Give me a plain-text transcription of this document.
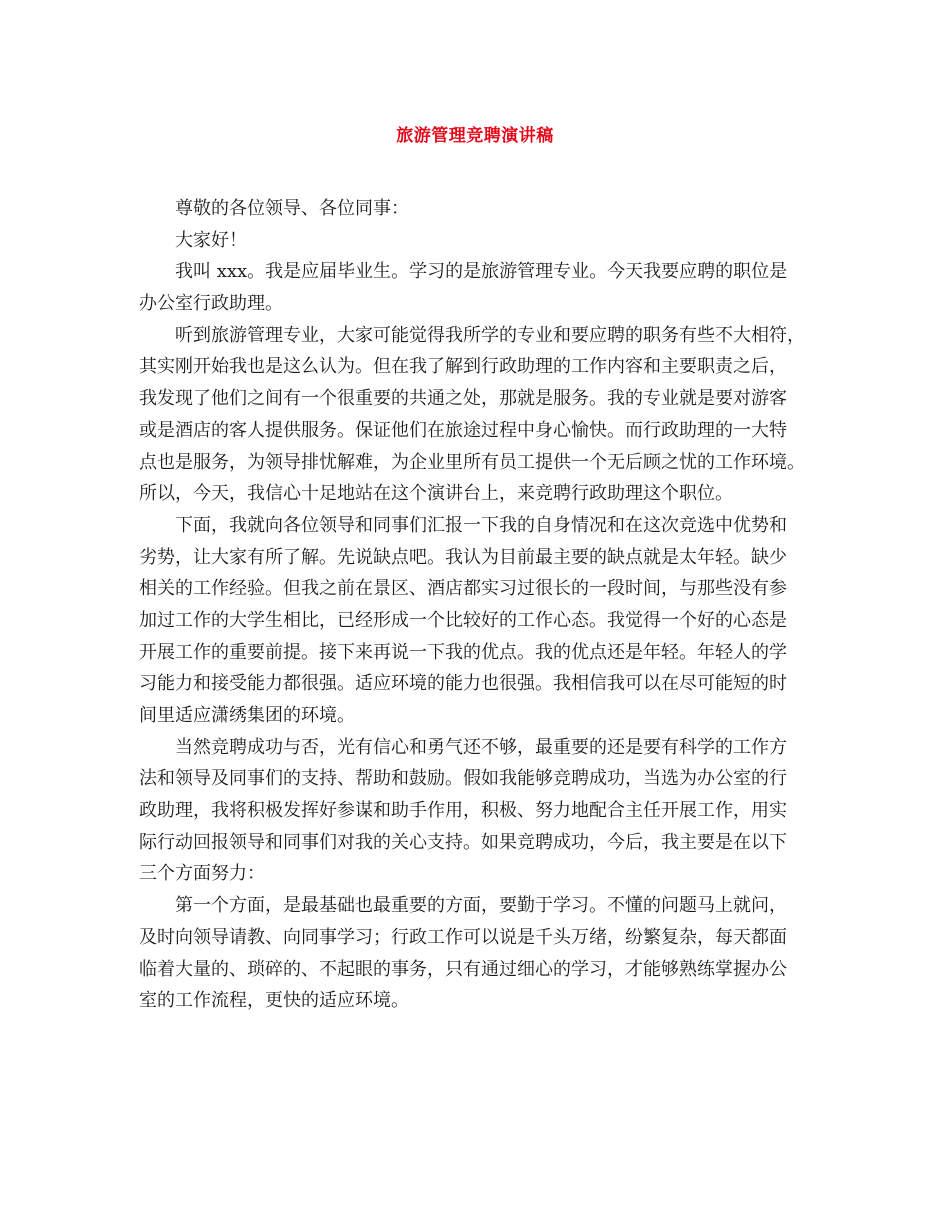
旅游管理竞聘演讲稿
尊敬的各位领导、各位同事：
大家好！
我叫 xxx。我是应届毕业生。学习的是旅游管理专业。今天我要应聘的职位是
办公室行政助理。
听到旅游管理专业，大家可能觉得我所学的专业和要应聘的职务有些不大相符，
其实刚开始我也是这么认为。但在我了解到行政助理的工作内容和主要职责之后，
我发现了他们之间有一个很重要的共通之处，那就是服务。我的专业就是要对游客
或是酒店的客人提供服务。保证他们在旅途过程中身心愉快。而行政助理的一大特
点也是服务，为领导排忧解难，为企业里所有员工提供一个无后顾之忧的工作环境。
所以，今天，我信心十足地站在这个演讲台上，来竞聘行政助理这个职位。
下面，我就向各位领导和同事们汇报一下我的自身情况和在这次竞选中优势和
劣势，让大家有所了解。先说缺点吧。我认为目前最主要的缺点就是太年轻。缺少
相关的工作经验。但我之前在景区、酒店都实习过很长的一段时间，与那些没有参
加过工作的大学生相比，已经形成一个比较好的工作心态。我觉得一个好的心态是
开展工作的重要前提。接下来再说一下我的优点。我的优点还是年轻。年轻人的学
习能力和接受能力都很强。适应环境的能力也很强。我相信我可以在尽可能短的时
间里适应潇绣集团的环境。
当然竞聘成功与否，光有信心和勇气还不够，最重要的还是要有科学的工作方
法和领导及同事们的支持、帮助和鼓励。假如我能够竞聘成功，当选为办公室的行
政助理，我将积极发挥好参谋和助手作用，积极、努力地配合主任开展工作，用实
际行动回报领导和同事们对我的关心支持。如果竞聘成功，今后，我主要是在以下
三个方面努力：
第一个方面，是最基础也最重要的方面，要勤于学习。不懂的问题马上就问，
及时向领导请教、向同事学习；行政工作可以说是千头万绪，纷繁复杂，每天都面
临着大量的、琐碎的、不起眼的事务，只有通过细心的学习，才能够熟练掌握办公
室的工作流程，更快的适应环境。
